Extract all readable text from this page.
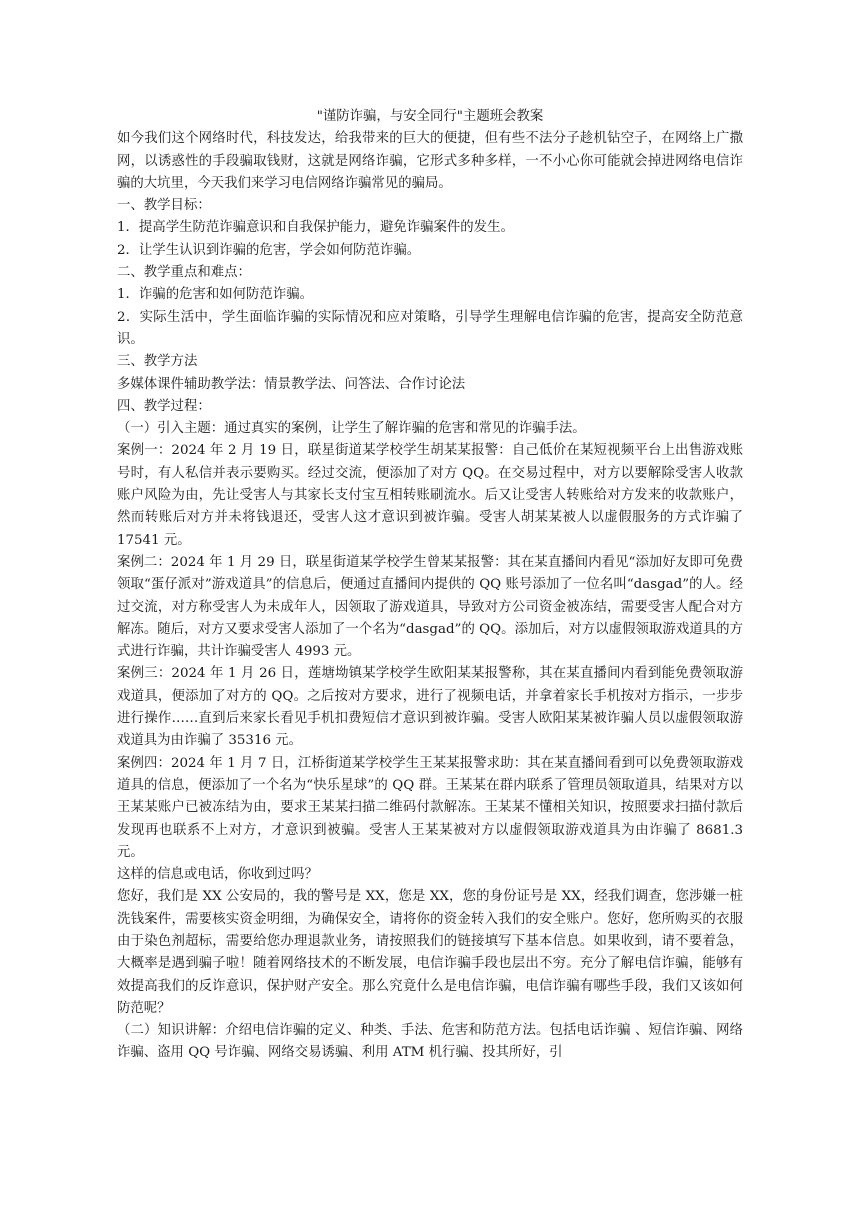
"谨防诈骗，与安全同行"主题班会教案

如今我们这个网络时代，科技发达，给我带来的巨大的便捷，但有些不法分子趁机钻空子，在网络上广撒网，以诱惑性的手段骗取钱财，这就是网络诈骗，它形式多种多样，一不小心你可能就会掉进网络电信诈骗的大坑里，今天我们来学习电信网络诈骗常见的骗局。

一、教学目标：

1．提高学生防范诈骗意识和自我保护能力，避免诈骗案件的发生。

2．让学生认识到诈骗的危害，学会如何防范诈骗。

二、教学重点和难点：

1．诈骗的危害和如何防范诈骗。

2．实际生活中，学生面临诈骗的实际情况和应对策略，引导学生理解电信诈骗的危害，提高安全防范意识。

三、教学方法

多媒体课件辅助教学法：情景教学法、问答法、合作讨论法

四、教学过程：

（一）引入主题：通过真实的案例，让学生了解诈骗的危害和常见的诈骗手法。

案例一：2024 年 2 月 19 日，联星街道某学校学生胡某某报警：自己低价在某短视频平台上出售游戏账号时，有人私信并表示要购买。经过交流，便添加了对方 QQ。在交易过程中，对方以要解除受害人收款账户风险为由，先让受害人与其家长支付宝互相转账刷流水。后又让受害人转账给对方发来的收款账户，然而转账后对方并未将钱退还，受害人这才意识到被诈骗。受害人胡某某被人以虚假服务的方式诈骗了 17541 元。

案例二：2024 年 1 月 29 日，联星街道某学校学生曾某某报警：其在某直播间内看见“添加好友即可免费领取“蛋仔派对”游戏道具”的信息后，便通过直播间内提供的 QQ 账号添加了一位名叫“dasgad”的人。经过交流，对方称受害人为未成年人，因领取了游戏道具，导致对方公司资金被冻结，需要受害人配合对方解冻。随后，对方又要求受害人添加了一个名为“dasgad”的 QQ。添加后，对方以虚假领取游戏道具的方式进行诈骗，共计诈骗受害人 4993 元。

案例三：2024 年 1 月 26 日，莲塘坳镇某学校学生欧阳某某报警称，其在某直播间内看到能免费领取游戏道具，便添加了对方的 QQ。之后按对方要求，进行了视频电话，并拿着家长手机按对方指示，一步步进行操作……直到后来家长看见手机扣费短信才意识到被诈骗。受害人欧阳某某被诈骗人员以虚假领取游戏道具为由诈骗了 35316 元。

案例四：2024 年 1 月 7 日，江桥街道某学校学生王某某报警求助：其在某直播间看到可以免费领取游戏道具的信息，便添加了一个名为“快乐星球”的 QQ 群。王某某在群内联系了管理员领取道具，结果对方以王某某账户已被冻结为由，要求王某某扫描二维码付款解冻。王某某不懂相关知识，按照要求扫描付款后发现再也联系不上对方，才意识到被骗。受害人王某某被对方以虚假领取游戏道具为由诈骗了 8681.3 元。

这样的信息或电话，你收到过吗？

您好，我们是 XX 公安局的，我的警号是 XX，您是 XX，您的身份证号是 XX，经我们调查，您涉嫌一桩洗钱案件，需要核实资金明细，为确保安全，请将你的资金转入我们的安全账户。您好，您所购买的衣服由于染色剂超标，需要给您办理退款业务，请按照我们的链接填写下基本信息。如果收到，请不要着急，大概率是遇到骗子啦！随着网络技术的不断发展，电信诈骗手段也层出不穷。充分了解电信诈骗，能够有效提高我们的反诈意识，保护财产安全。那么究竟什么是电信诈骗，电信诈骗有哪些手段，我们又该如何防范呢？

（二）知识讲解：介绍电信诈骗的定义、种类、手法、危害和防范方法。包括电话诈骗 、短信诈骗、网络诈骗、盗用 QQ 号诈骗、网络交易诱骗、利用 ATM 机行骗、投其所好，引
